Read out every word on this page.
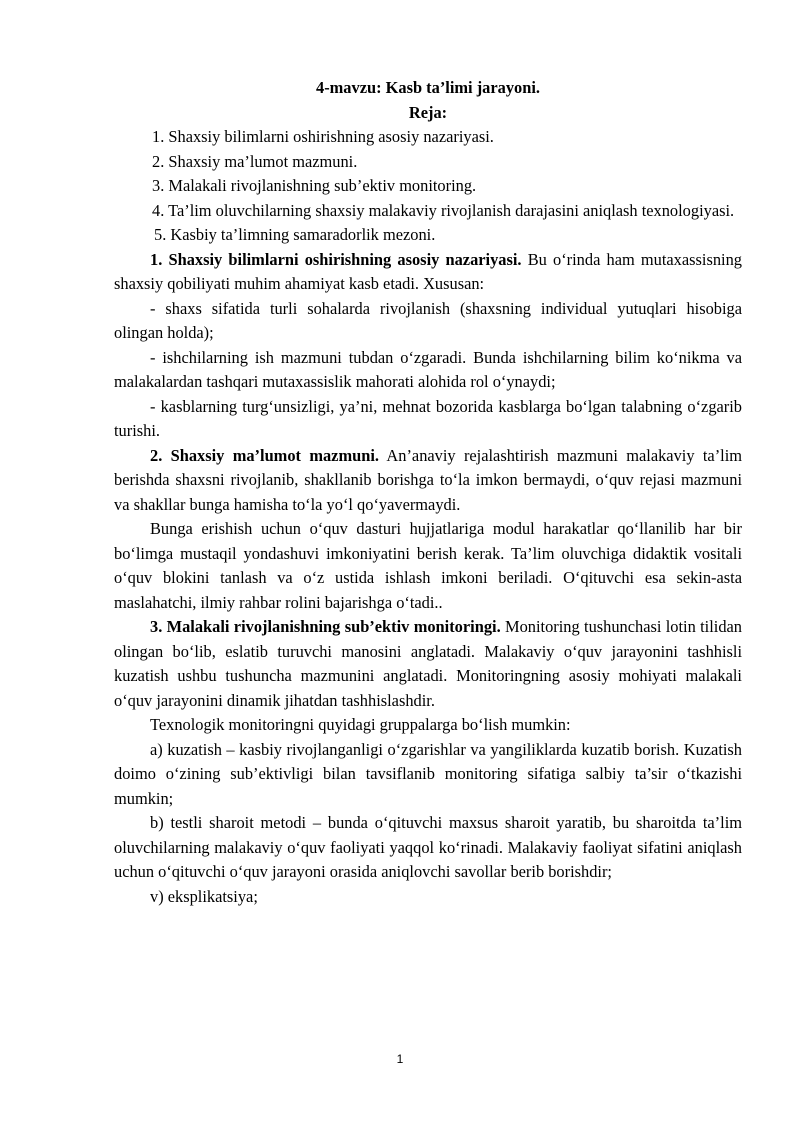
4-mavzu: Kasb ta’limi jarayoni.

Reja:

1. Shaxsiy bilimlarni oshirishning asosiy nazariyasi.

2. Shaxsiy ma’lumot mazmuni.

3. Malakali rivojlanishning sub’ektiv monitoring.

4. Ta’lim oluvchilarning shaxsiy malakaviy rivojlanish darajasini aniqlash texnologiyasi.

5. Kasbiy ta’limning samaradorlik mezoni.

1. Shaxsiy bilimlarni oshirishning asosiy nazariyasi. Bu o‘rinda ham mutaxassisning shaxsiy qobiliyati muhim ahamiyat kasb etadi. Xususan:

- shaxs sifatida turli sohalarda rivojlanish (shaxsning individual yutuqlari hisobiga olingan holda);

- ishchilarning ish mazmuni tubdan o‘zgaradi. Bunda ishchilarning bilim ko‘nikma va malakalardan tashqari mutaxassislik mahorati alohida rol o‘ynaydi;

- kasblarning turg‘unsizligi, ya’ni, mehnat bozorida kasblarga bo‘lgan talabning o‘zgarib turishi.

2. Shaxsiy ma’lumot mazmuni. An’anaviy rejalashtirish mazmuni malakaviy ta’lim berishda shaxsni rivojlanib, shakllanib borishga to‘la imkon bermaydi, o‘quv rejasi mazmuni va shakllar bunga hamisha to‘la yo‘l qo‘yavermaydi.

Bunga erishish uchun o‘quv dasturi hujjatlariga modul harakatlar qo‘llanilib har bir bo‘limga mustaqil yondashuvi imkoniyatini berish kerak. Ta’lim oluvchiga didaktik vositali o‘quv blokini tanlash va o‘z ustida ishlash imkoni beriladi. O‘qituvchi esa sekin-asta maslahatchi, ilmiy rahbar rolini bajarishga o‘tadi..

3. Malakali rivojlanishning sub’ektiv monitoringi. Monitoring tushunchasi lotin tilidan olingan bo‘lib, eslatib turuvchi manosini anglatadi. Malakaviy o‘quv jarayonini tashhisli kuzatish ushbu tushuncha mazmunini anglatadi. Monitoringning asosiy mohiyati malakali o‘quv jarayonini dinamik jihatdan tashhislashdir.

Texnologik monitoringni quyidagi gruppalarga bo‘lish mumkin:

a) kuzatish – kasbiy rivojlanganligi o‘zgarishlar va yangiliklarda kuzatib borish. Kuzatish doimo o‘zining sub’ektivligi bilan tavsiflanib monitoring sifatiga salbiy ta’sir o‘tkazishi mumkin;

b) testli sharoit metodi – bunda o‘qituvchi maxsus sharoit yaratib, bu sharoitda ta’lim oluvchilarning malakaviy o‘quv faoliyati yaqqol ko‘rinadi. Malakaviy faoliyat sifatini aniqlash uchun o‘qituvchi o‘quv jarayoni orasida aniqlovchi savollar berib borishdir;

v) eksplikatsiya;

1
